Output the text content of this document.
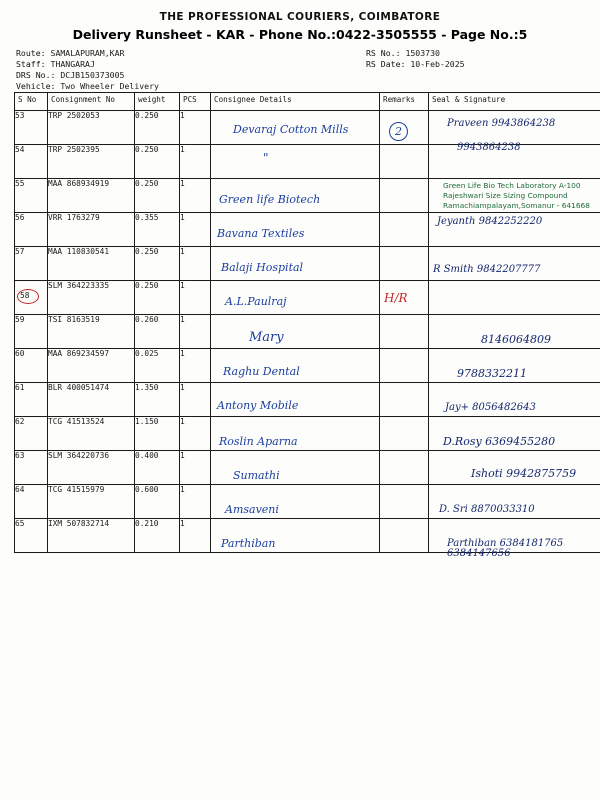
THE PROFESSIONAL COURIERS, COIMBATORE
Delivery Runsheet - KAR - Phone No.:0422-3505555 - Page No.:5
Route: SAMALAPURAM,KAR
Staff: THANGARAJ
DRS No.: DCJB150373005
Vehicle: Two Wheeler Delivery
RS No.: 1503730
RS Date: 10-Feb-2025
S No	Consignment No	weight	PCS	Consignee Details	Remarks	Seal & Signature
53	TRP 2502053	0.250	1	Devaraj Cotton Mills	2	Praveen 9943864238

54	TRP 2502395	0.250	1	"		9943864238

55	MAA 868934919	0.250	1	Green life Biotech		Green Life Bio Tech Laboratory A-100 Rajeshwari Size Sizing Compound Ramachiampalayam,Somanur - 641668

56	VRR 1763279	0.355	1	Bavana Textiles		Jeyanth 9842252220

57	MAA 110830541	0.250	1	Balaji Hospital		R Smith 9842207777

58	SLM 364223335	0.250	1	A.L.Paulraj	H/R	

59	TSI 8163519	0.260	1	Mary		8146064809

60	MAA 869234597	0.025	1	Raghu Dental		9788332211

61	BLR 400051474	1.350	1	Antony Mobile		Jay+ 8056482643

62	TCG 41513524	1.150	1	Roslin Aparna		D.Rosy 6369455280

63	SLM 364220736	0.400	1	Sumathi		Ishoti 9942875759

64	TCG 41515979	0.600	1	Amsaveni		D. Sri 8870033310

65	IXM 507832714	0.210	1	Parthiban		Parthiban 6384181765 6384147656
